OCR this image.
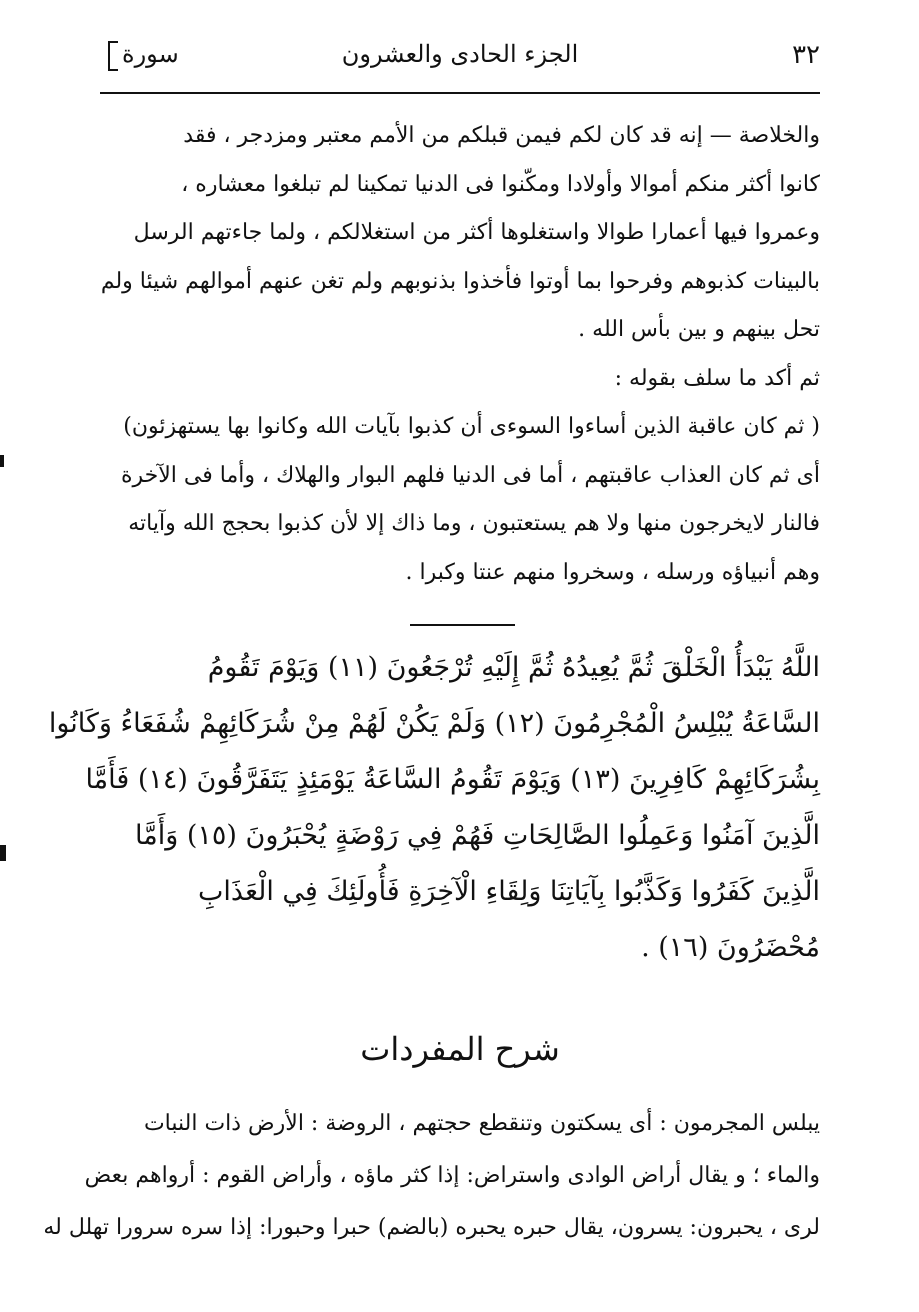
٣٢
الجزء الحادى والعشرون
سورة
والخلاصة — إنه قد كان لكم فيمن قبلكم من الأمم معتبر ومزدجر ، فقد
كانوا أكثر منكم أموالا وأولادا ومكّنوا فى الدنيا تمكينا لم تبلغوا معشاره ،
وعمروا فيها أعمارا طوالا واستغلوها أكثر من استغلالكم ، ولما جاءتهم الرسل
بالبينات كذبوهم وفرحوا بما أوتوا فأخذوا بذنوبهم ولم تغن عنهم أموالهم شيئا ولم
تحل بينهم و بين بأس الله .
ثم أكد ما سلف بقوله :
( ثم كان عاقبة الذين أساءوا السوءى أن كذبوا بآيات الله وكانوا بها يستهزئون)
أى ثم كان العذاب عاقبتهم ، أما فى الدنيا فلهم البوار والهلاك ، وأما فى الآخرة
فالنار لايخرجون منها ولا هم يستعتبون ، وما ذاك إلا لأن كذبوا بحجج الله وآياته
وهم أنبياؤه ورسله ، وسخروا منهم عنتا وكبرا .
اللَّهُ يَبْدَأُ الْخَلْقَ ثُمَّ يُعِيدُهُ ثُمَّ إِلَيْهِ تُرْجَعُونَ (١١) وَيَوْمَ تَقُومُ
السَّاعَةُ يُبْلِسُ الْمُجْرِمُونَ (١٢) وَلَمْ يَكُنْ لَهُمْ مِنْ شُرَكَائِهِمْ شُفَعَاءُ وَكَانُوا
بِشُرَكَائِهِمْ كَافِرِينَ (١٣) وَيَوْمَ تَقُومُ السَّاعَةُ يَوْمَئِذٍ يَتَفَرَّقُونَ (١٤) فَأَمَّا
الَّذِينَ آمَنُوا وَعَمِلُوا الصَّالِحَاتِ فَهُمْ فِي رَوْضَةٍ يُحْبَرُونَ (١٥) وَأَمَّا
الَّذِينَ كَفَرُوا وَكَذَّبُوا بِآيَاتِنَا وَلِقَاءِ الْآخِرَةِ فَأُولَئِكَ فِي الْعَذَابِ
مُحْضَرُونَ (١٦) .
شرح المفردات
يبلس المجرمون : أى يسكتون وتنقطع حجتهم ، الروضة : الأرض ذات النبات
والماء ؛ و يقال أراض الوادى واستراض: إذا كثر ماؤه ، وأراض القوم : أرواهم بعض
لرى ، يحبرون: يسرون، يقال حبره يحبره (بالضم) حبرا وحبورا: إذا سره سرورا تهلل له
